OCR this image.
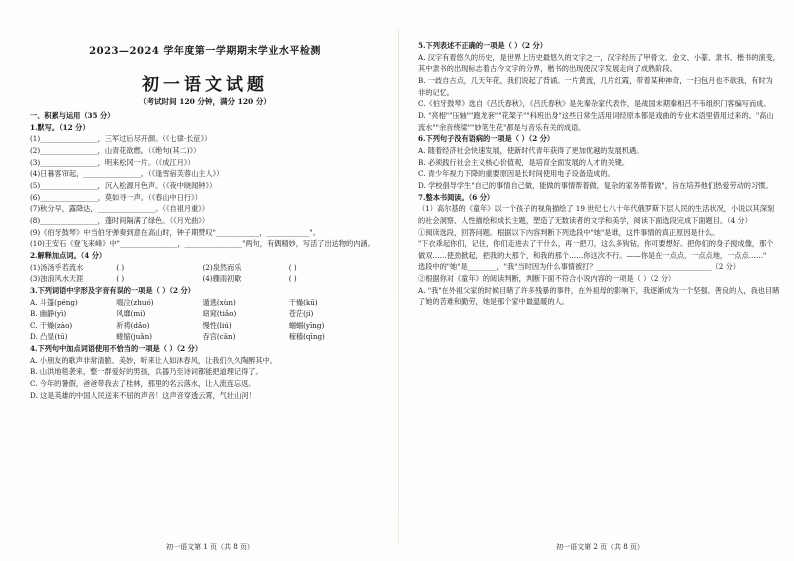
2023—2024 学年度第一学期期末学业水平检测
初一语文试题
（考试时间 120 分钟，满分 120 分）
一、积累与运用（35 分）
1.默写。（12 分）
(1)________________，三军过后尽开颜。（《七律·长征》）
(2)________________，山青花欲燃。（《绝句(其二)》）
(3)________________，明来松冈一片。（《成江月》）
(4)日暮客帘起，________________。（《逢雪宿芙蓉山主人》）
(5)________________，沉入松源月色声。（《夜中晓闻钟》）
(6)________________，莫如寻一声。（《春山中日行》）
(7)秋分早，露降达，________________。（《自祖月重》）
(8)________________，蓬时间隔满了绿色。（《月光曲》）
(9)《伯牙鼓琴》中当伯牙弹奏到意在高山时，钟子期赞叹"____________，____________"。
(10)王安石《登飞来峰》中"________________，________________"两句，有偶精妙，写活了出达物的内涵。
2.解释加点词。（4 分）
(1)汤汤乎若流水	( )	(2)泉然而乐	( )
(3)浊浪风水天涯	( )	(4)骤雨初歇	( )
3.下列词语中字形及字音有误的一项是（ ）（2 分）
A. 斗篷(péng)	啜泣(zhuó)	遁逃(xùn)	干燥(kū)
B. 幽静(yì)	风靡(mí)	窈窕(tiǎo)	苍茫(jí)
C. 干燥(zào)	祈祷(dǎo)	慢性(liú)	蝈蝈(yīng)
D. 凸显(tū)	蜷缩(juǎn)	吞宫(cān)	稼穑(qīng)
4.下列句中加点词语使用不恰当的一项是（ ）（2 分）
A. 小朋友的歌声非常清脆、美妙，听来让人如沐春风，让我们久久陶醉其中。
B. 山洪地毯袭来，整一群爱好的男孩，兵器乃至诗词都能把道理记得了。
C. 今年的暑假，爸爸带我去了桂林，那里的名云落水，让人流连忘返。
D. 这是英雄的中国人民送来不屈的声音！这声音穿透云霄，气壮山河！
初一语文第 1 页（共 8 页）
5.下列表述不正确的一项是（ ）（2 分）
A. 汉字有着悠久的历史，是世界上历史最悠久的文字之一，汉字经历了甲骨文、金文、小篆、隶书、楷书的演变，其中隶书的出现标志着古今文字的分界，楷书的出现使汉字发展走向了成熟阶段。
B. 一歧自古点，几天年花，我们说起了背诵。一片黄流，几片红霞，带着某种神奇，一扫包月也不欲我，有时为非的记忆。
C.《伯牙鼓琴》选自《吕氏春秋》，《吕氏春秋》是先秦杂家代表作，是战国末期秦相吕不韦组织门客编写而成。
D. "亮相""压轴""跑龙套""花架子""科班出身"这些日常生活用词经原本都是戏曲的专业术语里借用过来的。"高山流水""余音绕梁""妙笔生花"都是与音乐有关的成语。
6.下列句子没有语病的一项是（ ）（2 分）
A. 随着经济社会快速发展，使新时代青年获得了更加优越的发展机遇。
B. 必须践行社会主义核心价值观，是培育全面发展的人才的关键。
C. 青少年视力下降的重要原因是长时间使用电子设备造成的。
D. 学校倡导学生"自己的事情自己做，能做的事情帮着做，复杂的家务帮着做"，旨在培养他们热爱劳动的习惯。
7.整本书阅读。（6 分）
（1）高尔基的《童年》以一个孩子的视角描绘了 19 世纪七八十年代俄罗斯下层人民的生活状况，小说以其深刻的社会洞察、人性描绘和成长主题，塑造了无数读者的文学和美学，阅读下面选段完成下面题目。（4 分）
①阅读选段，回答问题。根据以下内容判断下列选段中"她"是谁，这件事情的真正原因是什么。
"下衣乖起你们，记住，你们走进去了干什么，再一把刀，这么多钩钻，你可要想好。把你们的身子搅成像，那个做双……使劲掀起，把我的大那个，和我的那个……你这次不行。——你是在一点点、一点点地，一点点……"
选段中的"她"是________，"我"当时因为什么事情被打？________________________________（2 分）
②根据你对《童年》的阅读判断，判断下面不符合小说内容的一项是（ ）（2 分）
A. "我"在外祖父家的时候目睹了许多残暴的事件，在外祖母的影响下，我逐渐成为一个坚强、善良的人，我也目睹了她的苦难和勤劳，她是那个家中最温暖的人。
初一语文第 2 页（共 8 页）
